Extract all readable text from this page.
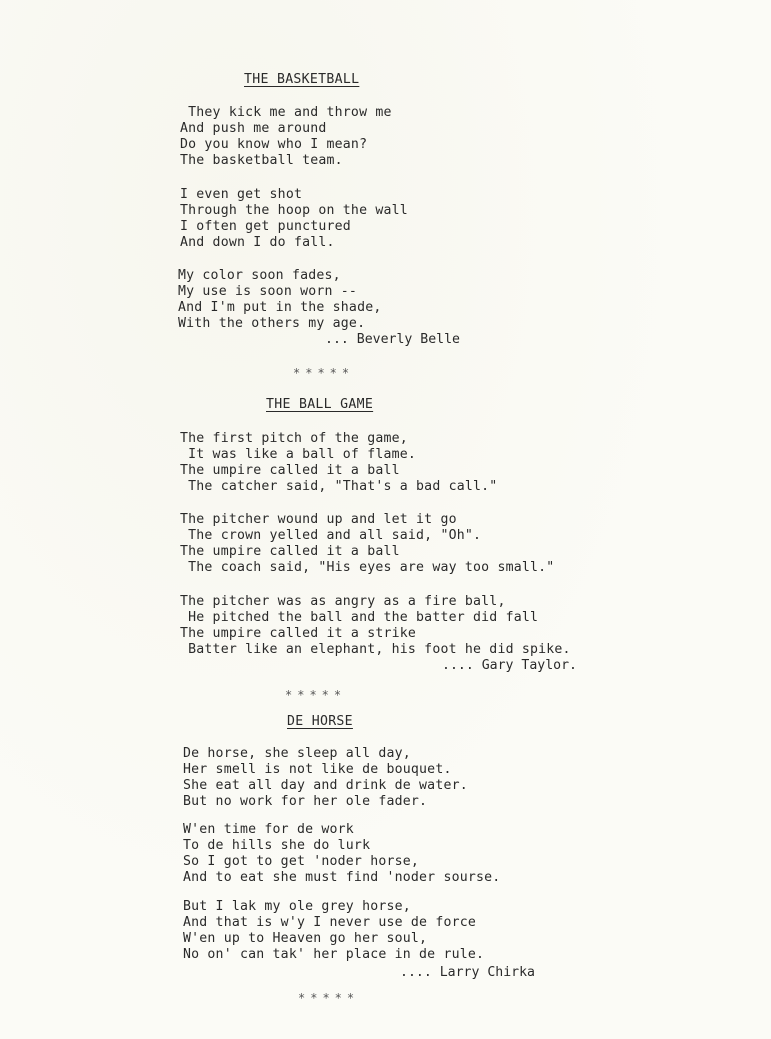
THE BASKETBALL
They kick me and throw me
And push me around
Do you know who I mean?
The basketball team.
I even get shot
Through the hoop on the wall
I often get punctured
And down I do fall.
My color soon fades,
My use is soon worn --
And I'm put in the shade,
With the others my age.
... Beverly Belle
*****
THE BALL GAME
The first pitch of the game,
It was like a ball of flame.
The umpire called it a ball
The catcher said, "That's a bad call."
The pitcher wound up and let it go
The crown yelled and all said, "Oh".
The umpire called it a ball
The coach said, "His eyes are way too small."
The pitcher was as angry as a fire ball,
He pitched the ball and the batter did fall
The umpire called it a strike
Batter like an elephant, his foot he did spike.
.... Gary Taylor.
*****
DE HORSE
De horse, she sleep all day,
Her smell is not like de bouquet.
She eat all day and drink de water.
But no work for her ole fader.
W'en time for de work
To de hills she do lurk
So I got to get 'noder horse,
And to eat she must find 'noder sourse.
But I lak my ole grey horse,
And that is w'y I never use de force
W'en up to Heaven go her soul,
No on' can tak' her place in de rule.
.... Larry Chirka
*****
